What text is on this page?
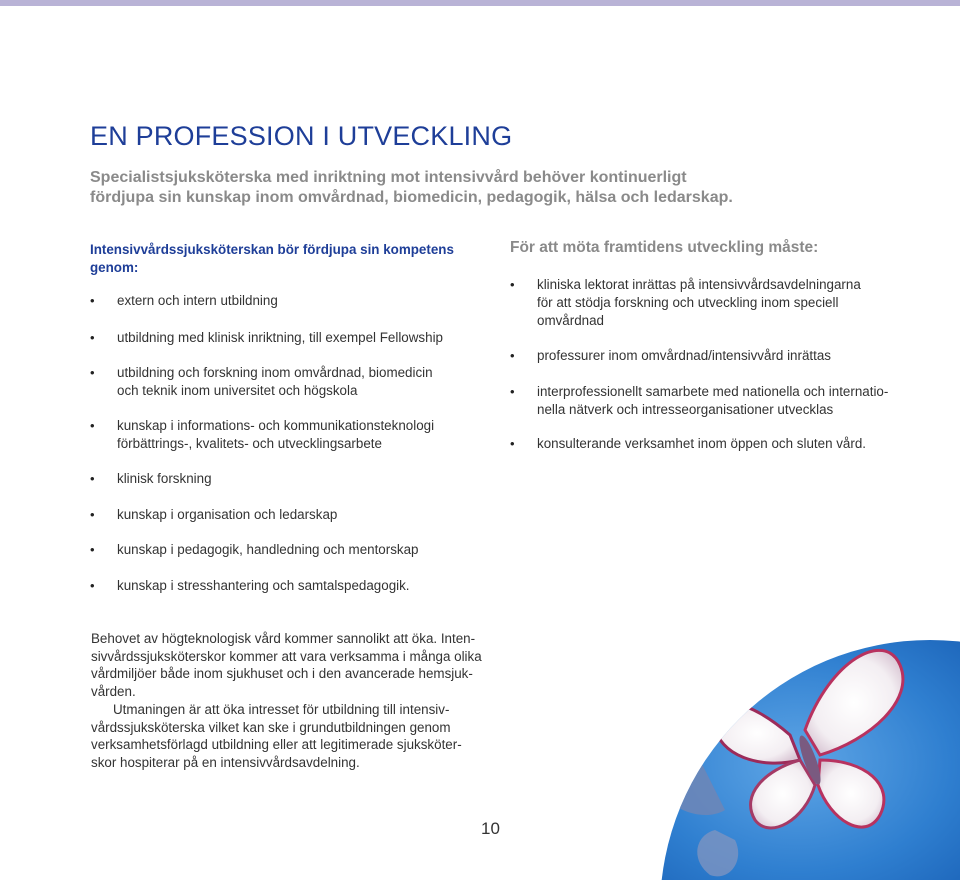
EN PROFESSION I UTVECKLING
Specialistsjuksköterska med inriktning mot intensivvård behöver kontinuerligt
fördjupa sin kunskap inom omvårdnad, biomedicin, pedagogik, hälsa och ledarskap.
Intensivvårdssjuksköterskan bör fördjupa sin kompetens
genom:
•	extern och intern utbildning
•	utbildning med klinisk inriktning, till exempel Fellowship
•	utbildning och forskning inom omvårdnad, biomedicin
och teknik inom universitet och högskola
•	kunskap i informations- och kommunikationsteknologi
förbättrings-, kvalitets- och utvecklingsarbete
•	klinisk forskning
•	kunskap i organisation och ledarskap
•	kunskap i pedagogik, handledning och mentorskap
•	kunskap i stresshantering och samtalspedagogik.
För att möta framtidens utveckling måste:
•	kliniska lektorat inrättas på intensivvårdsavdelningarna
för att stödja forskning och utveckling inom speciell
omvårdnad
•	professurer inom omvårdnad/intensivvård inrättas
•	interprofessionellt samarbete med nationella och internatio-
nella nätverk och intresseorganisationer utvecklas
•	konsulterande verksamhet inom öppen och sluten vård.
Behovet av högteknologisk vård kommer sannolikt att öka. Inten-
sivvårdssjuksköterskor kommer att vara verksamma i många olika
vårdmiljöer både inom sjukhuset och i den avancerade hemsjuk-
vården.
Utmaningen är att öka intresset för utbildning till intensiv-
vårdssjuksköterska vilket kan ske i grundutbildningen genom
verksamhetsförlagd utbildning eller att legitimerade sjuksköter-
skor hospiterar på en intensivvårdsavdelning.
10
